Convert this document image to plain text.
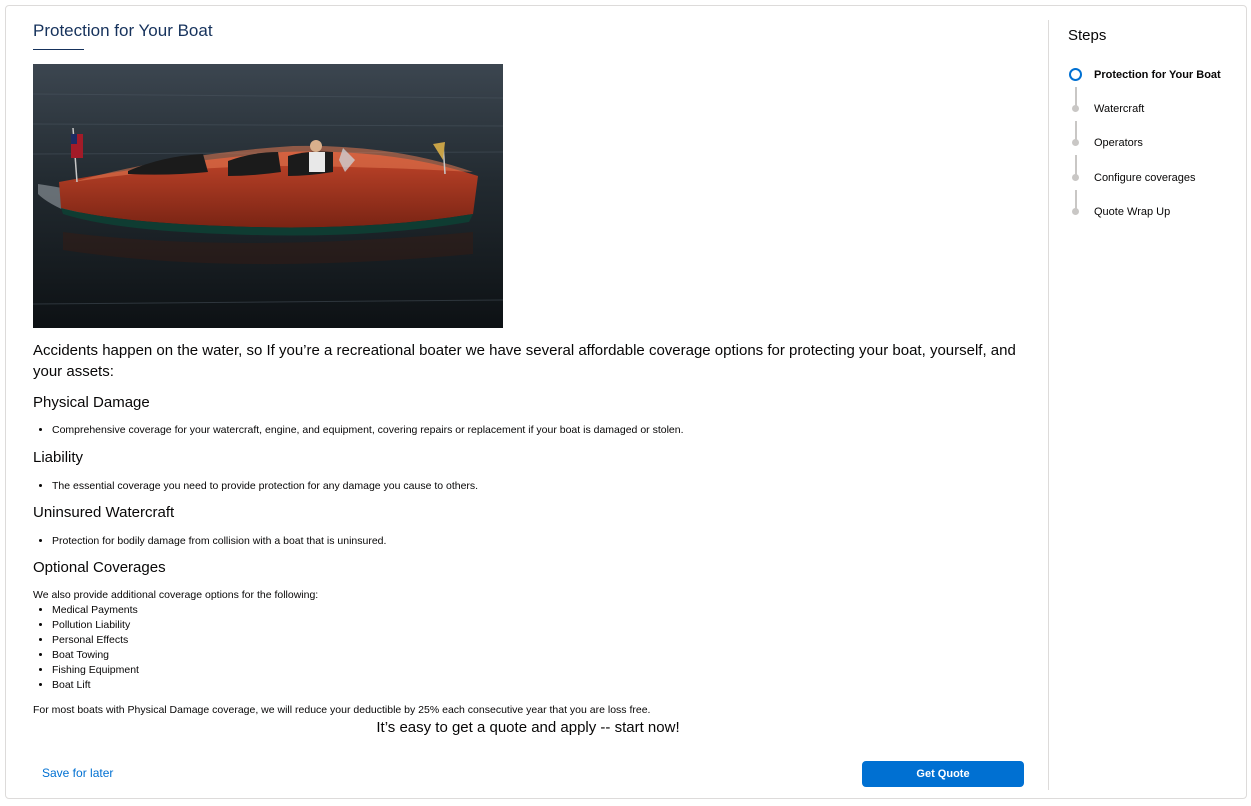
Protection for Your Boat
Accidents happen on the water, so If you’re a recreational boater we have several affordable coverage options for protecting your boat, yourself, and your assets:
Physical Damage
• Comprehensive coverage for your watercraft, engine, and equipment, covering repairs or replacement if your boat is damaged or stolen.
Liability
• The essential coverage you need to provide protection for any damage you cause to others.
Uninsured Watercraft
• Protection for bodily damage from collision with a boat that is uninsured.
Optional Coverages
We also provide additional coverage options for the following:
• Medical Payments
• Pollution Liability
• Personal Effects
• Boat Towing
• Fishing Equipment
• Boat Lift
For most boats with Physical Damage coverage, we will reduce your deductible by 25% each consecutive year that you are loss free.
It’s easy to get a quote and apply -- start now!
Save for later	Get Quote
Steps
Protection for Your Boat
Watercraft
Operators
Configure coverages
Quote Wrap Up
